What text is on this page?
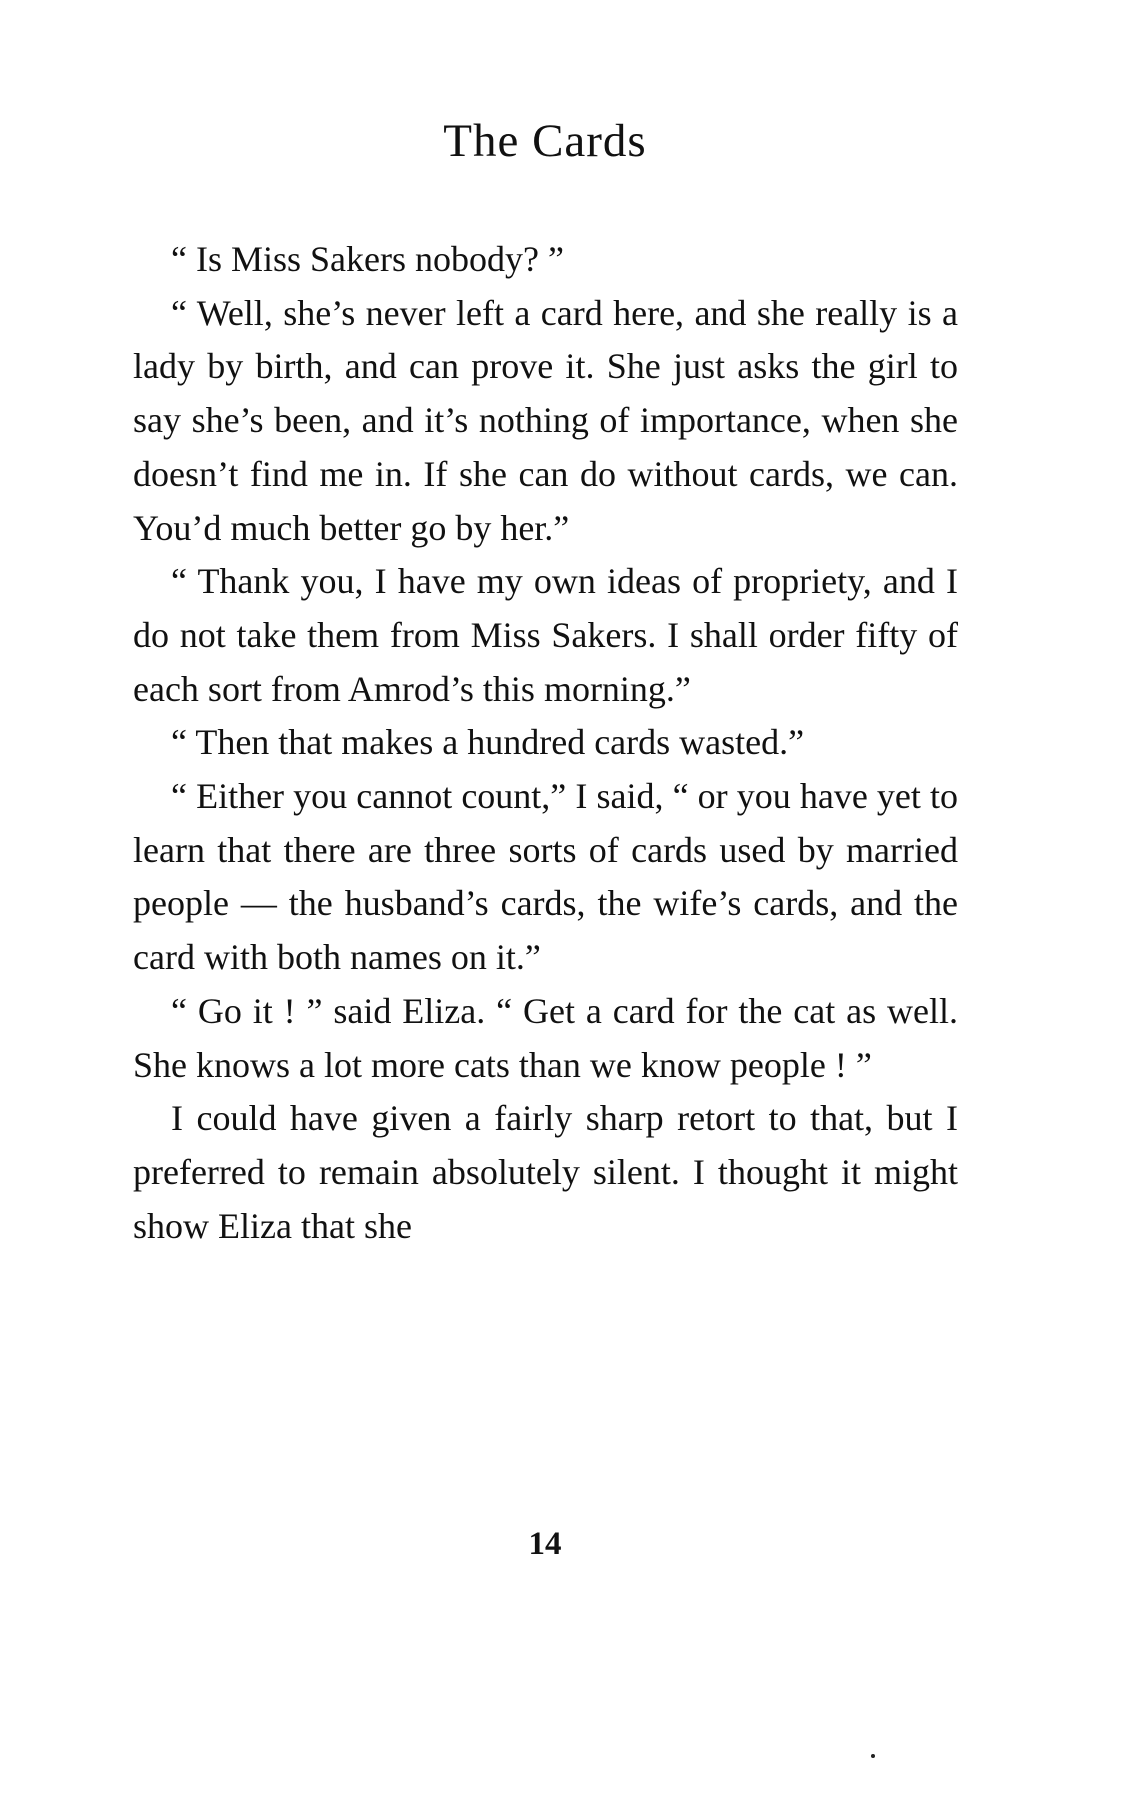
The Cards

“ Is Miss Sakers nobody? ”

“ Well, she’s never left a card here, and she really is a lady by birth, and can prove it. She just asks the girl to say she’s been, and it’s nothing of importance, when she doesn’t find me in. If she can do without cards, we can. You’d much better go by her.”

“ Thank you, I have my own ideas of propriety, and I do not take them from Miss Sakers. I shall order fifty of each sort from Amrod’s this morning.”

“ Then that makes a hundred cards wasted.”

“ Either you cannot count,” I said, “ or you have yet to learn that there are three sorts of cards used by married people — the husband’s cards, the wife’s cards, and the card with both names on it.”

“ Go it ! ” said Eliza. “ Get a card for the cat as well. She knows a lot more cats than we know people ! ”

I could have given a fairly sharp retort to that, but I preferred to remain absolutely silent. I thought it might show Eliza that she

14
